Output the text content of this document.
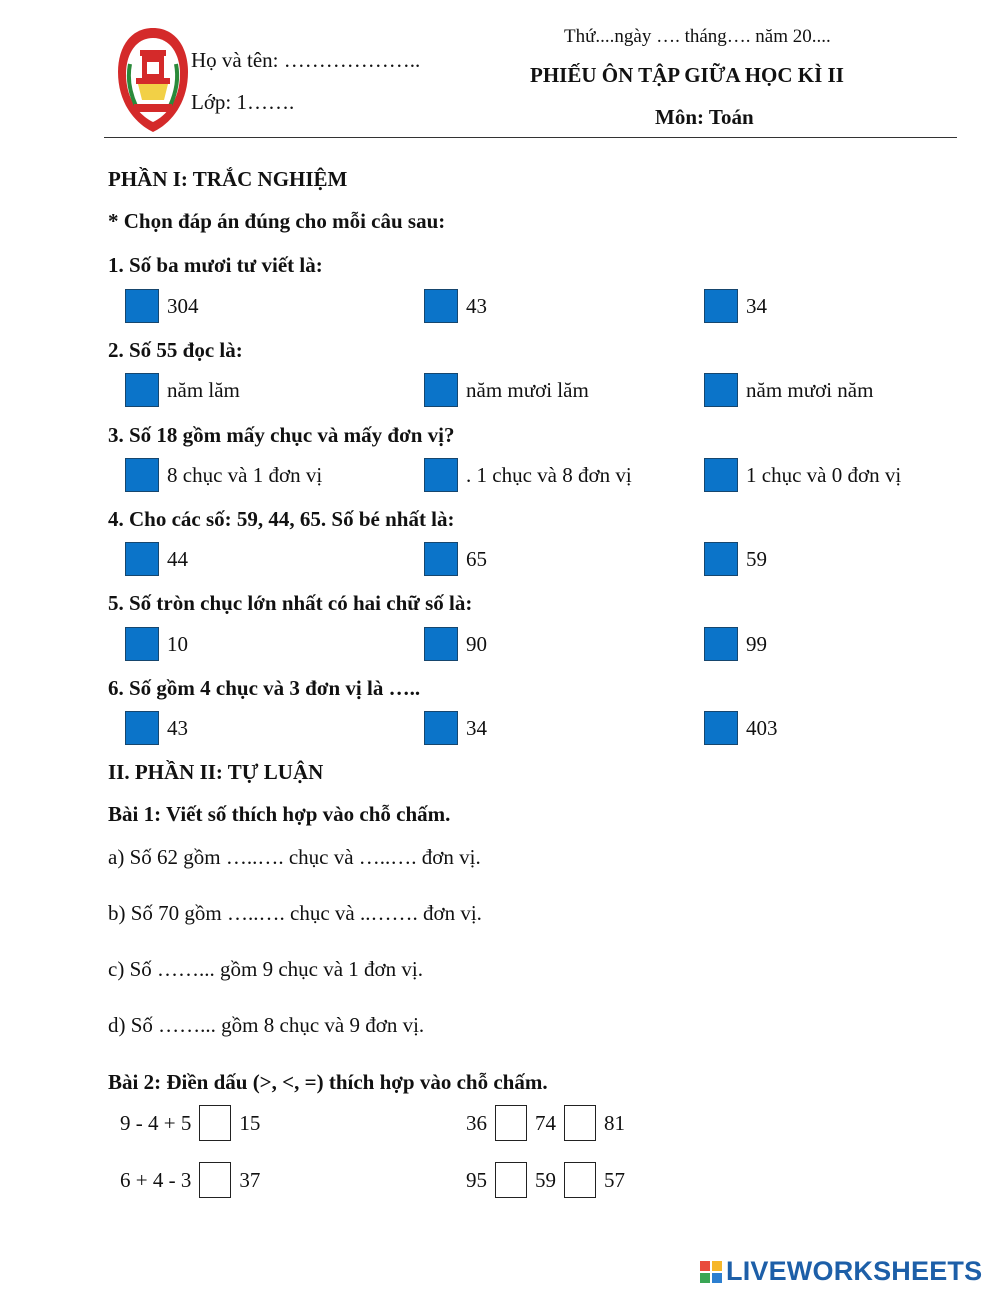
Họ và tên: ………………..
Lớp: 1…….
Thứ....ngày …. tháng…. năm 20....
PHIẾU ÔN TẬP GIỮA HỌC KÌ II
Môn: Toán
PHẦN I: TRẮC NGHIỆM
* Chọn đáp án đúng cho mỗi câu sau:
1. Số ba mươi tư viết là:
304	43	34
2. Số 55 đọc là:
năm lăm	năm mươi lăm	năm mươi năm
3. Số 18 gồm mấy chục và mấy đơn vị?
8 chục và 1 đơn vị	. 1 chục và 8 đơn vị	1 chục và 0 đơn vị
4. Cho các số: 59, 44, 65. Số bé nhất là:
44	65	59
5. Số tròn chục lớn nhất có hai chữ số là:
10	90	99
6. Số gồm 4 chục và 3 đơn vị là …..
43	34	403
II. PHẦN II: TỰ LUẬN
Bài 1: Viết số thích hợp vào chỗ chấm.
a) Số 62 gồm …..…. chục và …..…. đơn vị.
b) Số 70 gồm …..…. chục và ..……. đơn vị.
c) Số ……... gồm 9 chục và 1 đơn vị.
d) Số ……... gồm 8 chục và 9 đơn vị.
Bài 2: Điền dấu (>, <, =) thích hợp vào chỗ chấm.
9 - 4 + 5 15
6 + 4 - 3 37
36 74 81
95 59 57
LIVEWORKSHEETS
